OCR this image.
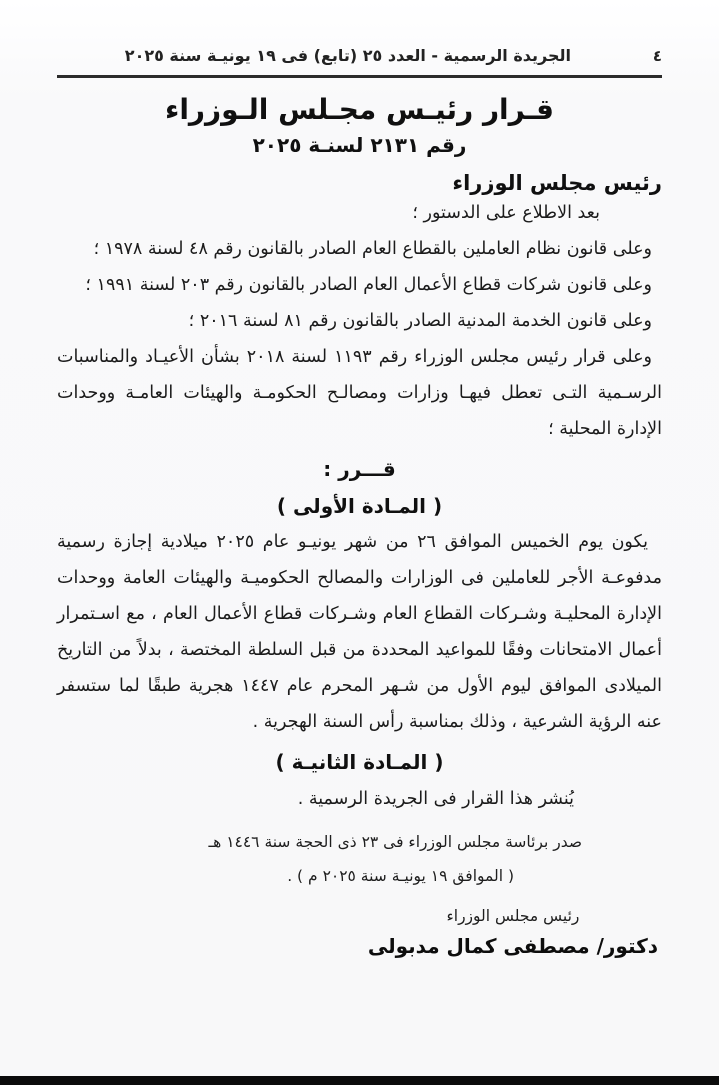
٤
الجريدة الرسمية - العدد ٢٥ (تابع) فى ١٩ يونيـة سنة ٢٠٢٥
قـرار رئيـس مجـلس الـوزراء
رقم ٢١٣١ لسنـة ٢٠٢٥
رئيس مجلس الوزراء

بعد الاطلاع على الدستور ؛

وعلى قانون نظام العاملين بالقطاع العام الصادر بالقانون رقم ٤٨ لسنة ١٩٧٨ ؛

وعلى قانون شركات قطاع الأعمال العام الصادر بالقانون رقم ٢٠٣ لسنة ١٩٩١ ؛

وعلى قانون الخدمة المدنية الصادر بالقانون رقم ٨١ لسنة ٢٠١٦ ؛

وعلى قرار رئيس مجلس الوزراء رقم ١١٩٣ لسنة ٢٠١٨ بشأن الأعيـاد والمناسبات الرسـمية التـى تعطل فيهـا وزارات ومصالـح الحكومـة والهيئات العامـة ووحدات الإدارة المحلية ؛

قـــرر :
( المـادة الأولى )

يكون يوم الخميس الموافق ٢٦ من شهر يونيـو عام ٢٠٢٥ ميلادية إجازة رسمية مدفوعـة الأجر للعاملين فى الوزارات والمصالح الحكوميـة والهيئات العامة ووحدات الإدارة المحليـة وشـركات القطاع العام وشـركات قطاع الأعمال العام ، مع اسـتمرار أعمال الامتحانات وفقًا للمواعيد المحددة من قبل السلطة المختصة ، بدلاً من التاريخ الميلادى الموافق ليوم الأول من شـهر المحرم عام ١٤٤٧ هجرية طبقًا لما ستسفر عنه الرؤية الشرعية ، وذلك بمناسبة رأس السنة الهجرية .

( المـادة الثانيـة )

يُنشر هذا القرار فى الجريدة الرسمية .

صدر برئاسة مجلس الوزراء فى ٢٣ ذى الحجة سنة ١٤٤٦ هـ
( الموافق ١٩ يونيـة سنة ٢٠٢٥ م ) .
رئيس مجلس الوزراء
دكتور/ مصطفى كمال مدبولى
